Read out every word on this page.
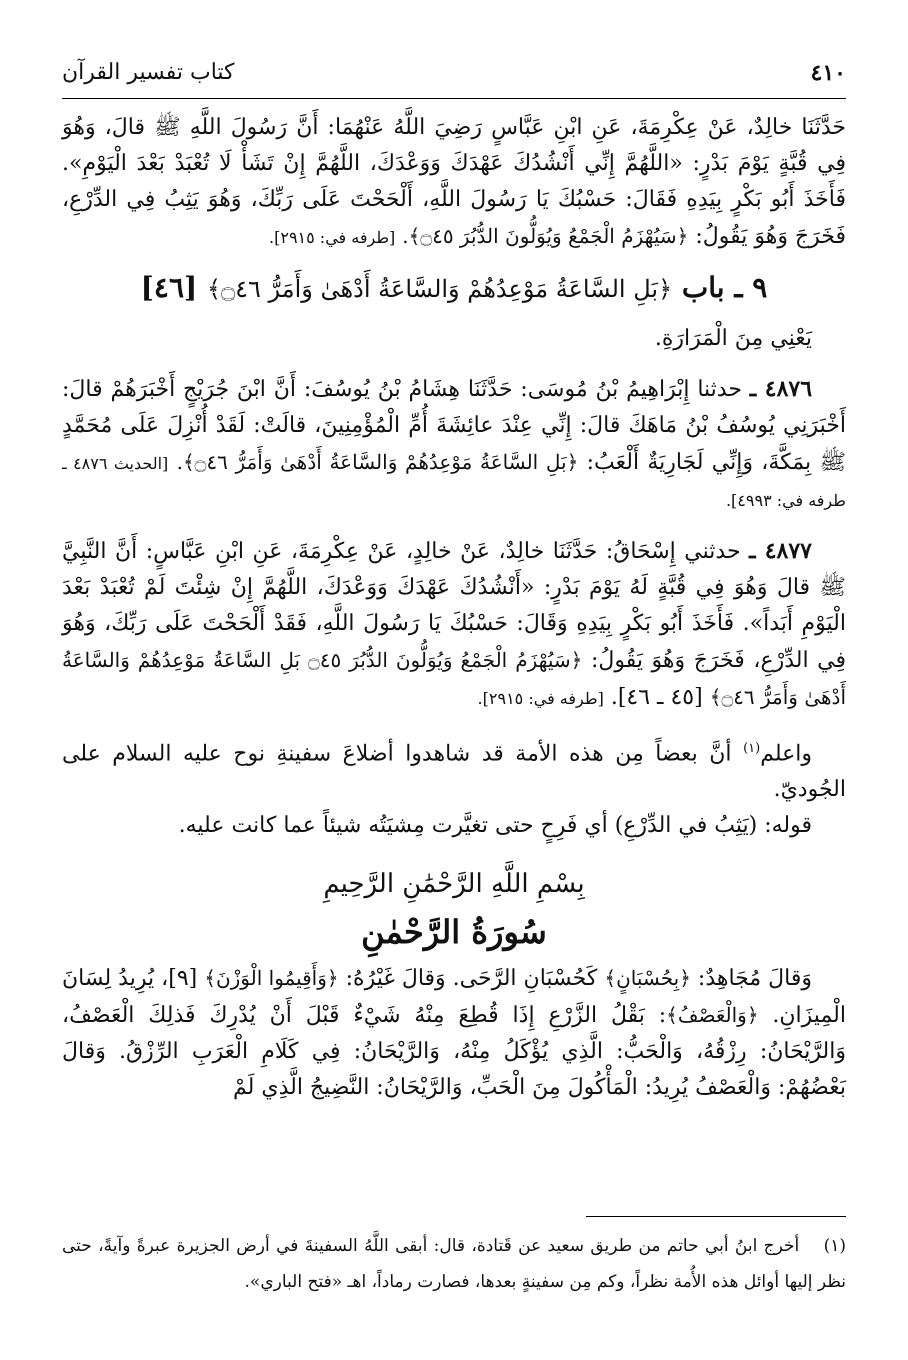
٤١٠
كتاب تفسير القرآن

حَدَّثَنَا خالِدٌ، عَنْ عِكْرِمَةَ، عَنِ ابْنِ عَبَّاسٍ رَضِيَ اللَّهُ عَنْهُمَا: أَنَّ رَسُولَ اللَّهِ ﷺ قالَ، وَهُوَ فِي قُبَّةٍ يَوْمَ بَدْرٍ: «اللَّهُمَّ إِنِّي أَنْشُدُكَ عَهْدَكَ وَوَعْدَكَ، اللَّهُمَّ إِنْ تَشَأْ لَا تُعْبَدْ بَعْدَ الْيَوْمِ». فَأَخَذَ أَبُو بَكْرٍ بِيَدِهِ فَقَالَ: حَسْبُكَ يَا رَسُولَ اللَّهِ، أَلْحَحْتَ عَلَى رَبِّكَ، وَهُوَ يَثِبُ فِي الدِّرْعِ، فَخَرَجَ وَهُوَ يَقُولُ: ﴿سَيُهْزَمُ الْجَمْعُ وَيُوَلُّونَ الدُّبُرَ ۝٤٥﴾. [طرفه في: ٢٩١٥].

٩ ـ باب ﴿بَلِ السَّاعَةُ مَوْعِدُهُمْ وَالسَّاعَةُ أَدْهَىٰ وَأَمَرُّ ۝٤٦﴾ [٤٦]

يَعْنِي مِنَ الْمَرَارَةِ.

٤٨٧٦ ـ حدثنا إِبْرَاهِيمُ بْنُ مُوسَى: حَدَّثَنَا هِشَامُ بْنُ يُوسُفَ: أَنَّ ابْنَ جُرَيْجٍ أَخْبَرَهُمْ قالَ: أَخْبَرَنِي يُوسُفُ بْنُ مَاهَكَ قالَ: إِنِّي عِنْدَ عائِشَةَ أُمِّ الْمُؤْمِنِينَ، قالَتْ: لَقَدْ أُنْزِلَ عَلَى مُحَمَّدٍ ﷺ بِمَكَّةَ، وَإِنِّي لَجَارِيَةٌ أَلْعَبُ: ﴿بَلِ السَّاعَةُ مَوْعِدُهُمْ وَالسَّاعَةُ أَدْهَىٰ وَأَمَرُّ ۝٤٦﴾. [الحديث ٤٨٧٦ ـ طرفه في: ٤٩٩٣].

٤٨٧٧ ـ حدثني إِسْحَاقُ: حَدَّثَنَا خالِدٌ، عَنْ خالِدٍ، عَنْ عِكْرِمَةَ، عَنِ ابْنِ عَبَّاسٍ: أَنَّ النَّبِيَّ ﷺ قالَ وَهُوَ فِي قُبَّةٍ لَهُ يَوْمَ بَدْرٍ: «أَنْشُدُكَ عَهْدَكَ وَوَعْدَكَ، اللَّهُمَّ إِنْ شِئْتَ لَمْ تُعْبَدْ بَعْدَ الْيَوْمِ أَبَداً». فَأَخَذَ أَبُو بَكْرٍ بِيَدِهِ وَقَالَ: حَسْبُكَ يَا رَسُولَ اللَّهِ، فَقَدْ أَلْحَحْتَ عَلَى رَبِّكَ، وَهُوَ فِي الدِّرْعِ، فَخَرَجَ وَهُوَ يَقُولُ: ﴿سَيُهْزَمُ الْجَمْعُ وَيُوَلُّونَ الدُّبُرَ ۝٤٥ بَلِ السَّاعَةُ مَوْعِدُهُمْ وَالسَّاعَةُ أَدْهَىٰ وَأَمَرُّ ۝٤٦﴾ [٤٥ ـ ٤٦]. [طرفه في: ٢٩١٥].

واعلم$^{(١)}$ أنَّ بعضاً مِن هذه الأمة قد شاهدوا أضلاعَ سفينةِ نوح عليه السلام على الجُوديّ.

قوله: (يَثِبُ في الدِّرْعِ) أي فَرِحٍ حتى تغيَّرت مِشيَتُه شيئاً عما كانت عليه.

بِسْمِ اللَّهِ الرَّحْمَٰنِ الرَّحِيمِ

سُورَةُ الرَّحْمٰنِ

وَقالَ مُجَاهِدٌ: ﴿بِحُسْبَانٍ﴾ كَحُسْبَانِ الرَّحَى. وَقالَ غَيْرُهُ: ﴿وَأَقِيمُوا الْوَزْنَ﴾ [٩]، يُرِيدُ لِسَانَ الْمِيزَانِ. ﴿وَالْعَصْفُ﴾: بَقْلُ الزَّرْعِ إِذَا قُطِعَ مِنْهُ شَيْءٌ قَبْلَ أَنْ يُدْرِكَ فَذلِكَ الْعَصْفُ، وَالرَّيْحَانُ: رِزْقُهُ، وَالْحَبُّ: الَّذِي يُؤْكَلُ مِنْهُ، وَالرَّيْحَانُ: فِي كَلَامِ الْعَرَبِ الرِّزْقُ. وَقالَ بَعْضُهُمْ: وَالْعَصْفُ يُرِيدُ: الْمَأْكُولَ مِنَ الْحَبِّ، وَالرَّيْحَانُ: النَّضِيجُ الَّذِي لَمْ

(١) أخرج ابنُ أبي حاتم من طريق سعيد عن قَتادة، قال: أبقى اللَّهُ السفينةَ في أرض الجزيرة عبرةً وآيةً، حتى نظر إليها أوائل هذه الأُمة نظراً، وكم مِن سفينةٍ بعدها، فصارت رماداً، اهـ «فتح الباري».
